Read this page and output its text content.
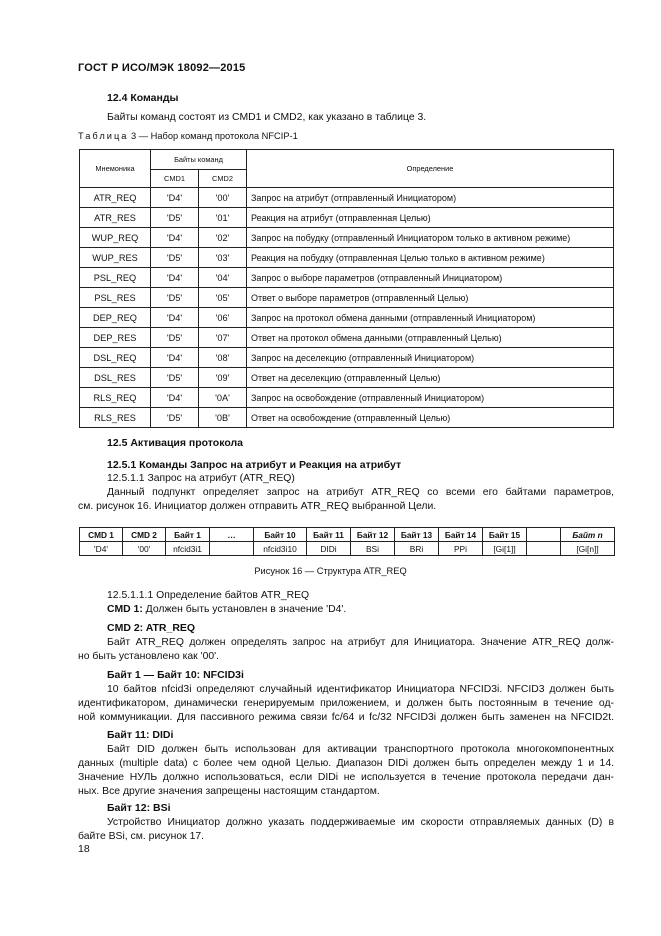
ГОСТ Р ИСО/МЭК 18092—2015
12.4 Команды
Байты команд состоят из CMD1 и CMD2, как указано в таблице 3.
Таблица 3 — Набор команд протокола NFCIP-1
Мнемоника	Байты команд		Определение
	CMD1	CMD2	
ATR_REQ	'D4'	'00'	Запрос на атрибут (отправленный Инициатором)
ATR_RES	'D5'	'01'	Реакция на атрибут (отправленная Целью)
WUP_REQ	'D4'	'02'	Запрос на побудку (отправленный Инициатором только в активном режиме)
WUP_RES	'D5'	'03'	Реакция на побудку (отправленная Целью только в активном режиме)
PSL_REQ	'D4'	'04'	Запрос о выборе параметров (отправленный Инициатором)
PSL_RES	'D5'	'05'	Ответ о выборе параметров (отправленный Целью)
DEP_REQ	'D4'	'06'	Запрос на протокол обмена данными (отправленный Инициатором)
DEP_RES	'D5'	'07'	Ответ на протокол обмена данными (отправленный Целью)
DSL_REQ	'D4'	'08'	Запрос на деселекцию (отправленный Инициатором)
DSL_RES	'D5'	'09'	Ответ на деселекцию (отправленный Целью)
RLS_REQ	'D4'	'0A'	Запрос на освобождение (отправленный Инициатором)
RLS_RES	'D5'	'0B'	Ответ на освобождение (отправленный Целью)
12.5 Активация протокола
12.5.1 Команды Запрос на атрибут и Реакция на атрибут
12.5.1.1 Запрос на атрибут (ATR_REQ)
Данный подпункт определяет запрос на атрибут ATR_REQ со всеми его байтами параметров,
см. рисунок 16. Инициатор должен отправить ATR_REQ выбранной Цели.
CMD 1	CMD 2	Байт 1	…	Байт 10	Байт 11	Байт 12	Байт 13	Байт 14	Байт 15		Байт n
'D4'	'00'	nfcid3i1		nfcid3i10	DIDi	BSi	BRi	PPi	[Gi[1]]		[Gi[n]]
Рисунок 16 — Структура ATR_REQ
12.5.1.1.1 Определение байтов ATR_REQ
CMD 1: Должен быть установлен в значение 'D4'.
CMD 2: ATR_REQ
Байт ATR_REQ должен определять запрос на атрибут для Инициатора. Значение ATR_REQ долж-
но быть установлено как '00'.
Байт 1 — Байт 10: NFCID3i
10 байтов nfcid3i определяют случайный идентификатор Инициатора NFCID3i. NFCID3 должен быть
идентификатором, динамически генерируемым приложением, и должен быть постоянным в течение од-
ной коммуникации. Для пассивного режима связи fc/64 и fc/32 NFCID3i должен быть заменен на NFCID2t.
Байт 11: DIDi
Байт DID должен быть использован для активации транспортного протокола многокомпонентных
данных (multiple data) с более чем одной Целью. Диапазон DIDi должен быть определен между 1 и 14.
Значение НУЛЬ должно использоваться, если DIDi не используется в течение протокола передачи дан-
ных. Все другие значения запрещены настоящим стандартом.
Байт 12: BSi
Устройство Инициатор должно указать поддерживаемые им скорости отправляемых данных (D) в
байте BSi, см. рисунок 17.
18
